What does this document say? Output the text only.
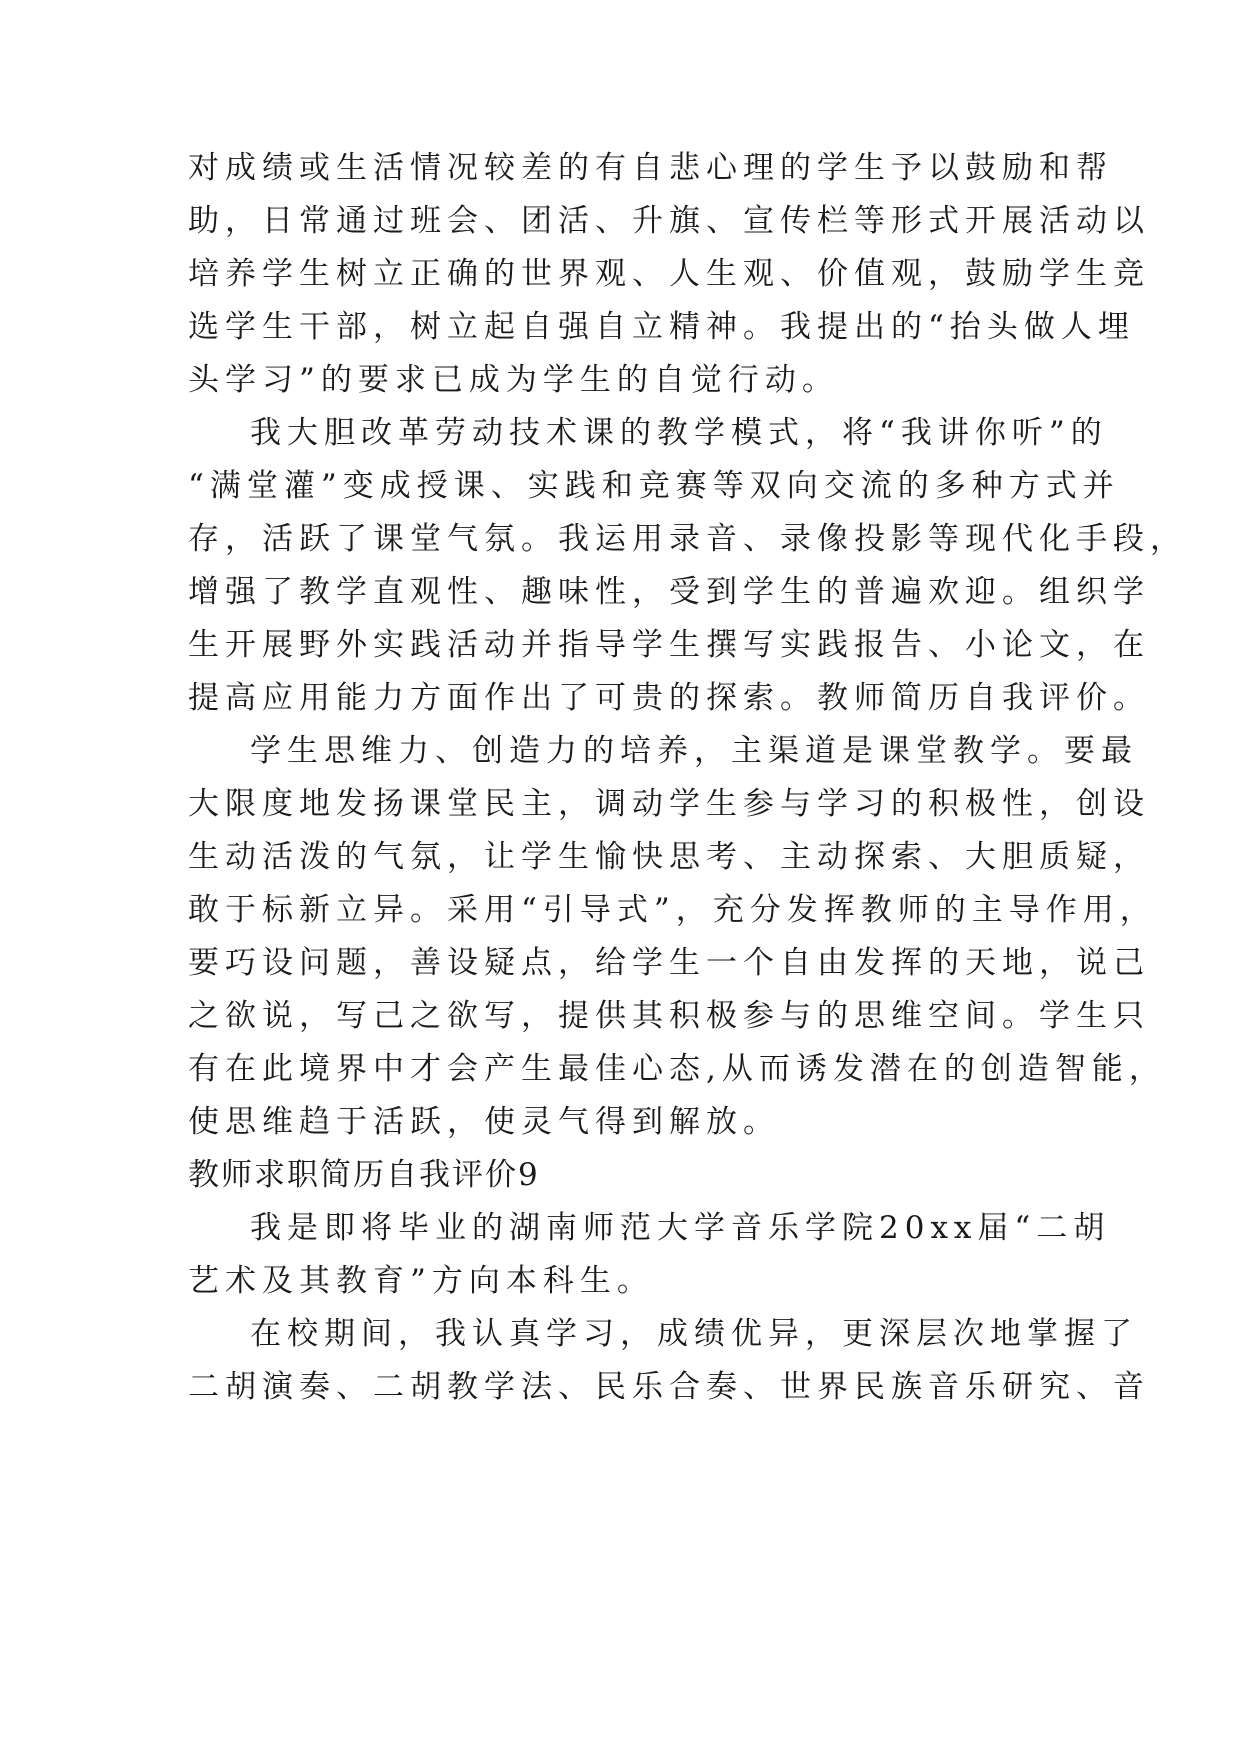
对成绩或生活情况较差的有自悲心理的学生予以鼓励和帮
助，日常通过班会、团活、升旗、宣传栏等形式开展活动以
培养学生树立正确的世界观、人生观、价值观，鼓励学生竞
选学生干部，树立起自强自立精神。我提出的“抬头做人埋
头学习”的要求已成为学生的自觉行动。
我大胆改革劳动技术课的教学模式，将“我讲你听”的
“满堂灌”变成授课、实践和竞赛等双向交流的多种方式并
存，活跃了课堂气氛。我运用录音、录像投影等现代化手段，
增强了教学直观性、趣味性，受到学生的普遍欢迎。组织学
生开展野外实践活动并指导学生撰写实践报告、小论文，在
提高应用能力方面作出了可贵的探索。教师简历自我评价。
学生思维力、创造力的培养，主渠道是课堂教学。要最
大限度地发扬课堂民主，调动学生参与学习的积极性，创设
生动活泼的气氛，让学生愉快思考、主动探索、大胆质疑，
敢于标新立异。采用“引导式”，充分发挥教师的主导作用，
要巧设问题，善设疑点，给学生一个自由发挥的天地，说己
之欲说，写己之欲写，提供其积极参与的思维空间。学生只
有在此境界中才会产生最佳心态,从而诱发潜在的创造智能，
使思维趋于活跃，使灵气得到解放。
教师求职简历自我评价9
我是即将毕业的湖南师范大学音乐学院20xx届“二胡
艺术及其教育”方向本科生。
在校期间，我认真学习，成绩优异，更深层次地掌握了
二胡演奏、二胡教学法、民乐合奏、世界民族音乐研究、音
